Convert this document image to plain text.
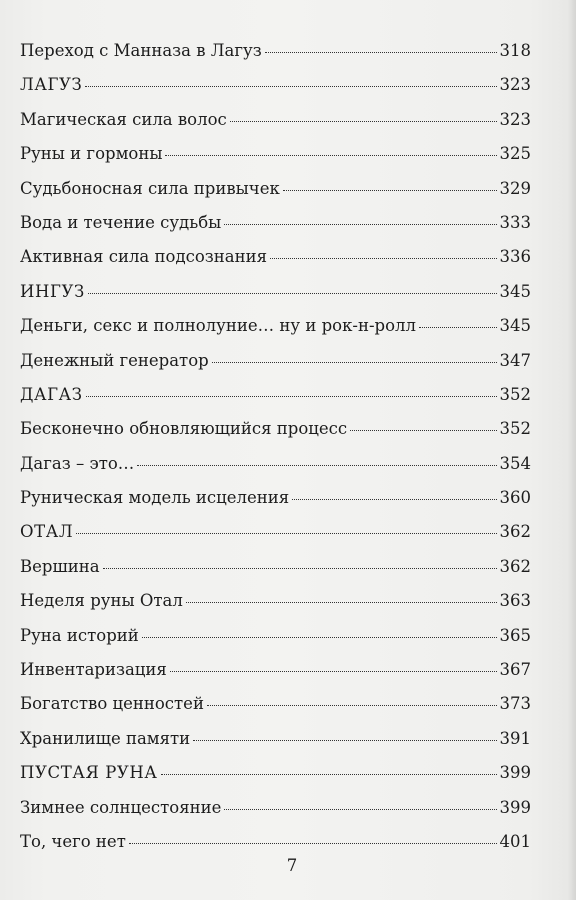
Переход с Манназа в Лагуз	318
ЛАГУЗ	323
Магическая сила волос	323
Руны и гормоны	325
Судьбоносная сила привычек	329
Вода и течение судьбы	333
Активная сила подсознания	336
ИНГУЗ	345
Деньги, секс и полнолуние… ну и рок-н-ролл	345
Денежный генератор	347
ДАГАЗ	352
Бесконечно обновляющийся процесс	352
Дагаз – это…	354
Руническая модель исцеления	360
ОТАЛ	362
Вершина	362
Неделя руны Отал	363
Руна историй	365
Инвентаризация	367
Богатство ценностей	373
Хранилище памяти	391
ПУСТАЯ РУНА	399
Зимнее солнцестояние	399
То, чего нет	401
7
